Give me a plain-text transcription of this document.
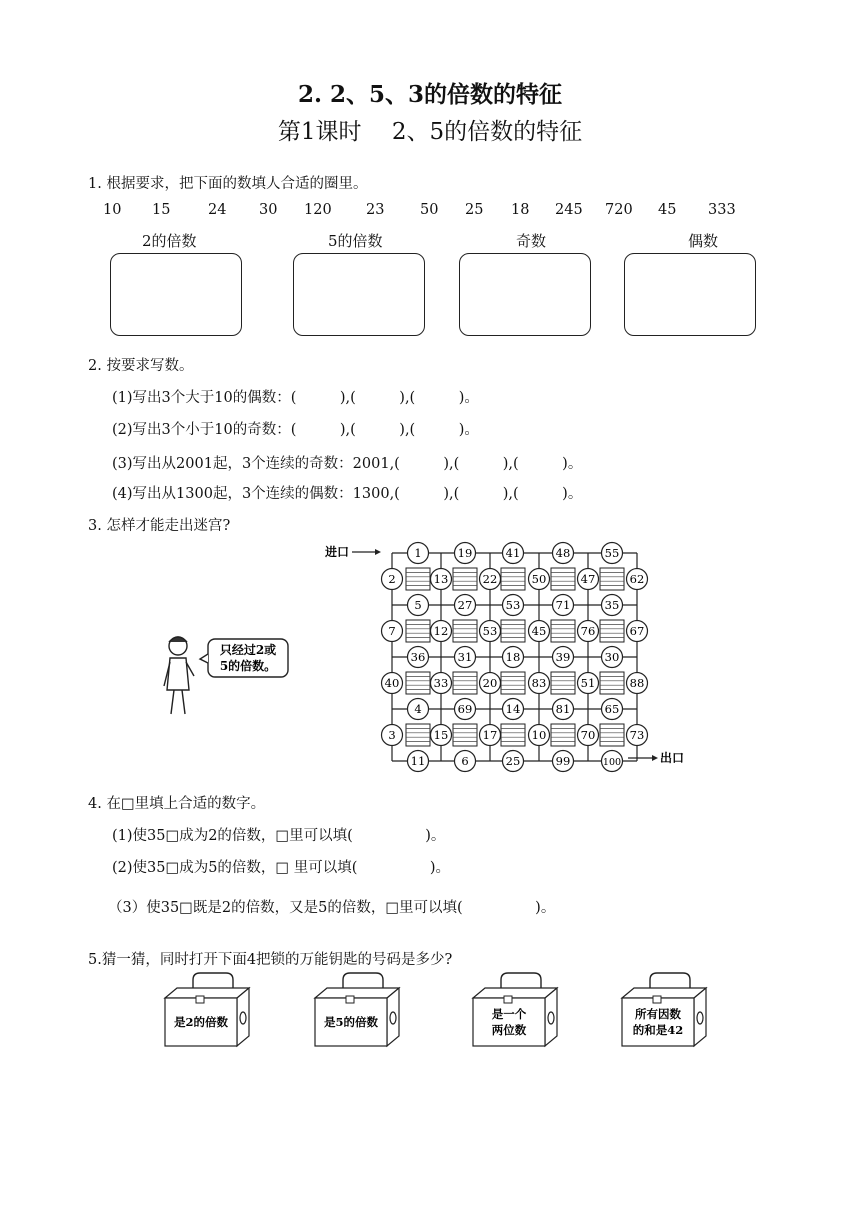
2. 2、5、3的倍数的特征
第1课时　 2、5的倍数的特征
1. 根据要求，把下面的数填人合适的圈里。
10 15	24 30 120 23 50 25 18 245 720 45 333
2的倍数	5的倍数	奇数	偶数
2. 按要求写数。
(1)写出3个大于10的偶数：(   ),(   ),(   )。
(2)写出3个小于10的奇数：(   ),(   ),(   )。
(3)写出从2001起，3个连续的奇数：2001,(   ),(   ),(   )。
(4)写出从1300起，3个连续的偶数：1300,(   ),(   ),(   )。
3. 怎样才能走出迷宫?
只经过2或
5的倍数。
进口
出口
1	19	41	48	55
2	13	22	50	47	62
5	27	53	71	35
7	12	53	45	76	67
36	31	18	39	30
40	33	20	83	51	88
4	69	14	81	65
3	15	17	10	70	73
11	6	25	99	100
4. 在□里填上合适的数字。
(1)使35□成为2的倍数，□里可以填(     )。
(2)使35□成为5的倍数，□ 里可以填(     )。
（3）使35□既是2的倍数，又是5的倍数，□里可以填(     )。
5.猜一猜，同时打开下面4把锁的万能钥匙的号码是多少?
是2的倍数	是5的倍数
是一个
两位数
所有因数
的和是42
